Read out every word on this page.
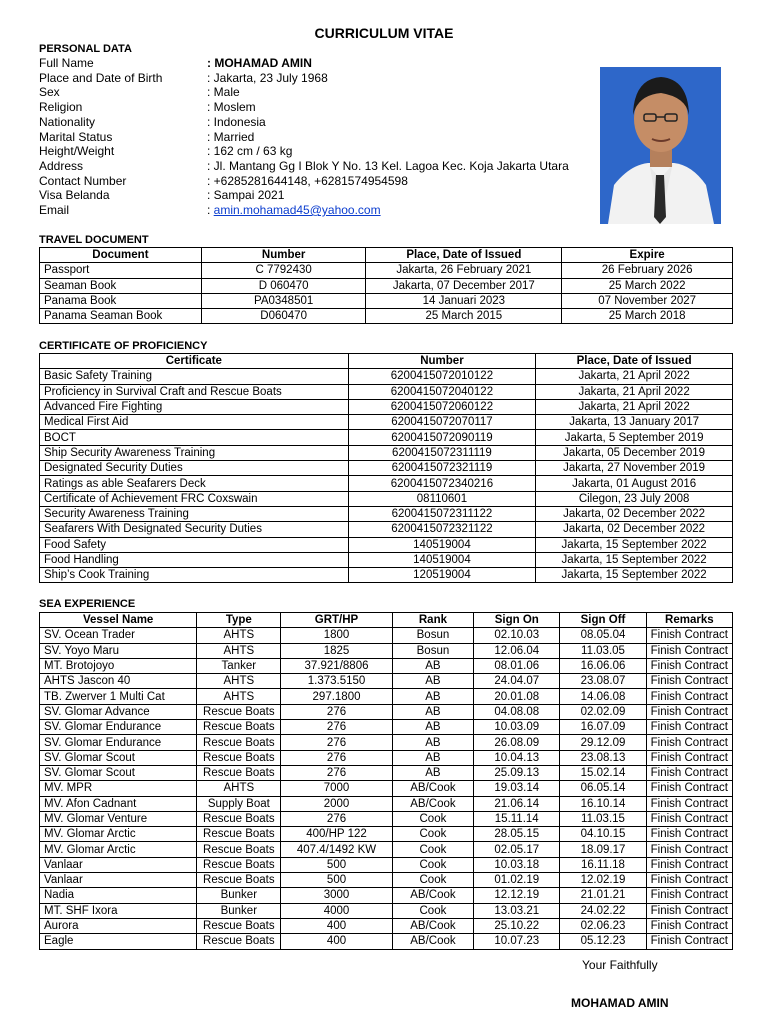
CURRICULUM VITAE
PERSONAL DATA
Full Name	: MOHAMAD AMIN
Place and Date of Birth	: Jakarta, 23 July 1968
Sex	: Male
Religion	: Moslem
Nationality	: Indonesia
Marital Status	: Married
Height/Weight	: 162 cm / 63 kg
Address	: Jl. Mantang Gg I Blok Y No. 13 Kel. Lagoa Kec. Koja Jakarta Utara
Contact Number	: +6285281644148, +6281574954598
Visa Belanda	: Sampai 2021
Email	: amin.mohamad45@yahoo.com
TRAVEL DOCUMENT
Document	Number	Place, Date of Issued	Expire
Passport	C 7792430	Jakarta, 26 February 2021	26 February 2026
Seaman Book	D 060470	Jakarta, 07 December 2017	25 March 2022
Panama Book	PA0348501	14 Januari 2023	07 November 2027
Panama Seaman Book	D060470	25 March 2015	25 March 2018
CERTIFICATE OF PROFICIENCY
Certificate	Number	Place, Date of Issued
Basic Safety Training	6200415072010122	Jakarta, 21 April 2022
Proficiency in Survival Craft and Rescue Boats	6200415072040122	Jakarta, 21 April 2022
Advanced Fire Fighting	6200415072060122	Jakarta, 21 April 2022
Medical First Aid	6200415072070117	Jakarta, 13 January 2017
BOCT	6200415072090119	Jakarta, 5 September 2019
Ship Security Awareness Training	6200415072311119	Jakarta, 05 December 2019
Designated Security Duties	6200415072321119	Jakarta, 27 November 2019
Ratings as able Seafarers Deck	6200415072340216	Jakarta, 01 August 2016
Certificate of Achievement FRC Coxswain	08110601	Cilegon, 23 July 2008
Security Awareness Training	6200415072311122	Jakarta, 02 December 2022
Seafarers With Designated Security Duties	6200415072321122	Jakarta, 02 December 2022
Food Safety	140519004	Jakarta, 15 September 2022
Food Handling	140519004	Jakarta, 15 September 2022
Ship’s Cook Training	120519004	Jakarta, 15 September 2022
SEA EXPERIENCE
Vessel Name	Type	GRT/HP	Rank	Sign On	Sign Off	Remarks
SV. Ocean Trader	AHTS	1800	Bosun	02.10.03	08.05.04	Finish Contract
SV. Yoyo Maru	AHTS	1825	Bosun	12.06.04	11.03.05	Finish Contract
MT. Brotojoyo	Tanker	37.921/8806	AB	08.01.06	16.06.06	Finish Contract
AHTS Jascon 40	AHTS	1.373.5150	AB	24.04.07	23.08.07	Finish Contract
TB. Zwerver 1 Multi Cat	AHTS	297.1800	AB	20.01.08	14.06.08	Finish Contract
SV. Glomar Advance	Rescue Boats	276	AB	04.08.08	02.02.09	Finish Contract
SV. Glomar Endurance	Rescue Boats	276	AB	10.03.09	16.07.09	Finish Contract
SV. Glomar Endurance	Rescue Boats	276	AB	26.08.09	29.12.09	Finish Contract
SV. Glomar Scout	Rescue Boats	276	AB	10.04.13	23.08.13	Finish Contract
SV. Glomar Scout	Rescue Boats	276	AB	25.09.13	15.02.14	Finish Contract
MV. MPR	AHTS	7000	AB/Cook	19.03.14	06.05.14	Finish Contract
MV. Afon Cadnant	Supply Boat	2000	AB/Cook	21.06.14	16.10.14	Finish Contract
MV. Glomar Venture	Rescue Boats	276	Cook	15.11.14	11.03.15	Finish Contract
MV. Glomar Arctic	Rescue Boats	400/HP 122	Cook	28.05.15	04.10.15	Finish Contract
MV. Glomar Arctic	Rescue Boats	407.4/1492 KW	Cook	02.05.17	18.09.17	Finish Contract
Vanlaar	Rescue Boats	500	Cook	10.03.18	16.11.18	Finish Contract
Vanlaar	Rescue Boats	500	Cook	01.02.19	12.02.19	Finish Contract
Nadia	Bunker	3000	AB/Cook	12.12.19	21.01.21	Finish Contract
MT. SHF Ixora	Bunker	4000	Cook	13.03.21	24.02.22	Finish Contract
Aurora	Rescue Boats	400	AB/Cook	25.10.22	02.06.23	Finish Contract
Eagle	Rescue Boats	400	AB/Cook	10.07.23	05.12.23	Finish Contract
Your Faithfully
MOHAMAD AMIN
